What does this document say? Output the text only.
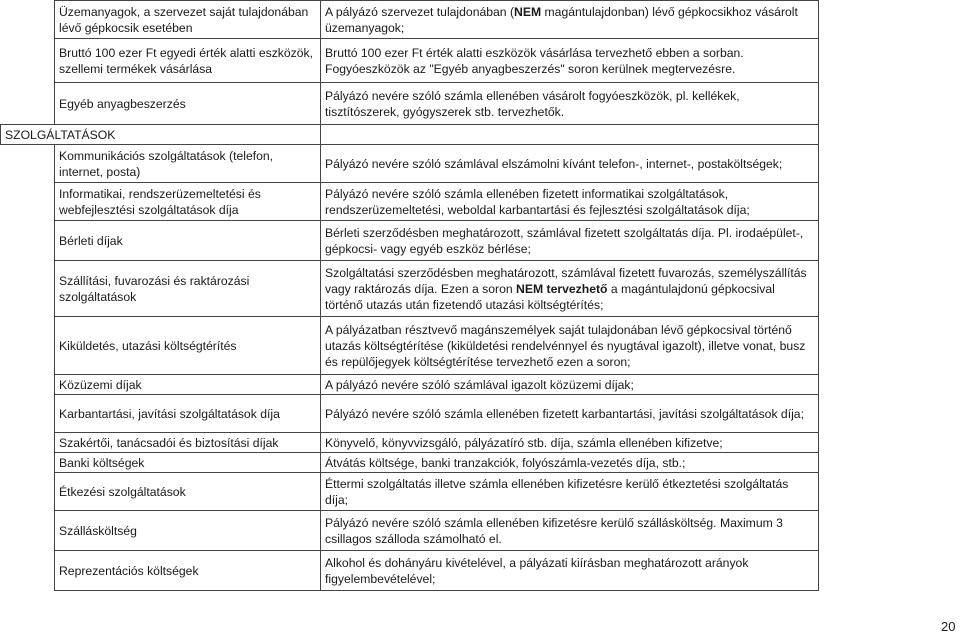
	Üzemanyagok, a szervezet saját tulajdonában lévő gépkocsik esetében	A pályázó szervezet tulajdonában (NEM magántulajdonban) lévő gépkocsikhoz vásárolt üzemanyagok;
	Bruttó 100 ezer Ft egyedi érték alatti eszközök, szellemi termékek vásárlása	Bruttó 100 ezer Ft érték alatti eszközök vásárlása tervezhető ebben a sorban. Fogyóeszközök az "Egyéb anyagbeszerzés" soron kerülnek megtervezésre.
	Egyéb anyagbeszerzés	Pályázó nevére szóló számla ellenében vásárolt fogyóeszközök, pl. kellékek, tisztítószerek, gyógyszerek stb. tervezhetők.
SZOLGÁLTATÁSOK		
	Kommunikációs szolgáltatások (telefon, internet, posta)	Pályázó nevére szóló számlával elszámolni kívánt telefon-, internet-, postaköltségek;
	Informatikai, rendszerüzemeltetési és webfejlesztési szolgáltatások díja	Pályázó nevére szóló számla ellenében fizetett informatikai szolgáltatások, rendszerüzemeltetési, weboldal karbantartási és fejlesztési szolgáltatások díja;
	Bérleti díjak	Bérleti szerződésben meghatározott, számlával fizetett szolgáltatás díja. Pl. irodaépület-, gépkocsi- vagy egyéb eszköz bérlése;
	Szállítási, fuvarozási és raktározási szolgáltatások	Szolgáltatási szerződésben meghatározott, számlával fizetett fuvarozás, személyszállítás vagy raktározás díja. Ezen a soron NEM tervezhető a magántulajdonú gépkocsival történő utazás után fizetendő utazási költségtérítés;
	Kiküldetés, utazási költségtérítés	A pályázatban résztvevő magánszemélyek saját tulajdonában lévő gépkocsival történő utazás költségtérítése (kiküldetési rendelvénnyel és nyugtával igazolt), illetve vonat, busz és repülőjegyek költségtérítése tervezhető ezen a soron;
	Közüzemi díjak	A pályázó nevére szóló számlával igazolt közüzemi díjak;
	Karbantartási, javítási szolgáltatások díja	Pályázó nevére szóló számla ellenében fizetett karbantartási, javítási szolgáltatások díja;
	Szakértői, tanácsadói és biztosítási díjak	Könyvelő, könyvvizsgáló, pályázatíró stb. díja, számla ellenében kifizetve;
	Banki költségek	Átvátás költsége, banki tranzakciók, folyószámla-vezetés díja, stb.;
	Étkezési szolgáltatások	Éttermi szolgáltatás illetve számla ellenében kifizetésre kerülő étkeztetési szolgáltatás díja;
	Szállásköltség	Pályázó nevére szóló számla ellenében kifizetésre kerülő szállásköltség. Maximum 3 csillagos szálloda számolható el.
	Reprezentációs költségek	Alkohol és dohányáru kivételével, a pályázati kiírásban meghatározott arányok figyelembevételével;
20
